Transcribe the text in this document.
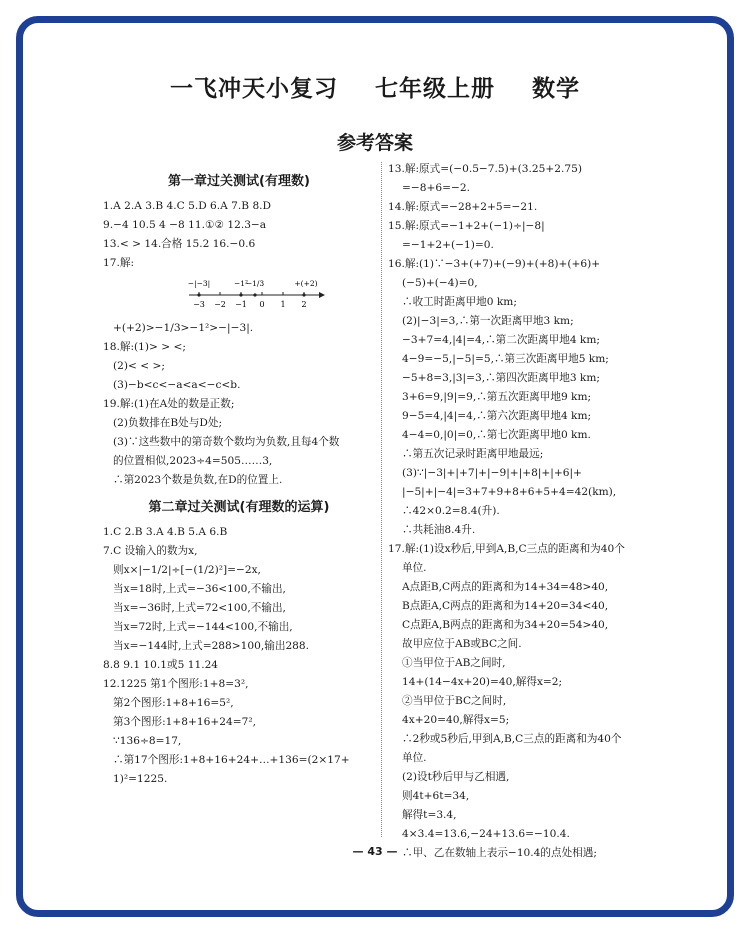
一飞冲天小复习 七年级上册 数学
参考答案
第一章过关测试(有理数)
1.A 2.A 3.B 4.C 5.D 6.A 7.B 8.D
9.−4 10.5 4 −8 11.①② 12.3−a
13.< > 14.合格 15.2 16.−0.6
17.解:
−3 −2 −1 0 1 2
−|−3|	−1²
−1/3	+(+2)
+(+2)>−1/3>−1²>−|−3|.
18.解:(1)> > <;
(2)< < >;
(3)−b<c<−a<a<−c<b.
19.解:(1)在A处的数是正数;
(2)负数排在B处与D处;
(3)∵这些数中的第奇数个数均为负数,且每4个数
的位置相似,2023÷4=505……3,
∴第2023个数是负数,在D的位置上.
第二章过关测试(有理数的运算)
1.C 2.B 3.A 4.B 5.A 6.B
7.C 设输入的数为x,
则x×|−1/2|÷[−(1/2)²]=−2x,
当x=18时,上式=−36<100,不输出,
当x=−36时,上式=72<100,不输出,
当x=72时,上式=−144<100,不输出,
当x=−144时,上式=288>100,输出288.
8.8 9.1 10.1或5 11.24
12.1225 第1个图形:1+8=3²,
第2个图形:1+8+16=5²,
第3个图形:1+8+16+24=7²,
∵136÷8=17,
∴第17个图形:1+8+16+24+…+136=(2×17+
1)²=1225.
13.解:原式=(−0.5−7.5)+(3.25+2.75)
=−8+6=−2.
14.解:原式=−28+2+5=−21.
15.解:原式=−1+2+(−1)÷|−8|
=−1+2+(−1)=0.
16.解:(1)∵−3+(+7)+(−9)+(+8)+(+6)+
(−5)+(−4)=0,
∴收工时距离甲地0 km;
(2)|−3|=3,∴第一次距离甲地3 km;
−3+7=4,|4|=4,∴第二次距离甲地4 km;
4−9=−5,|−5|=5,∴第三次距离甲地5 km;
−5+8=3,|3|=3,∴第四次距离甲地3 km;
3+6=9,|9|=9,∴第五次距离甲地9 km;
9−5=4,|4|=4,∴第六次距离甲地4 km;
4−4=0,|0|=0,∴第七次距离甲地0 km.
∴第五次记录时距离甲地最远;
(3)∵|−3|+|+7|+|−9|+|+8|+|+6|+
|−5|+|−4|=3+7+9+8+6+5+4=42(km),
∴42×0.2=8.4(升).
∴共耗油8.4升.
17.解:(1)设x秒后,甲到A,B,C三点的距离和为40个
单位.
A点距B,C两点的距离和为14+34=48>40,
B点距A,C两点的距离和为14+20=34<40,
C点距A,B两点的距离和为34+20=54>40,
故甲应位于AB或BC之间.
①当甲位于AB之间时,
14+(14−4x+20)=40,解得x=2;
②当甲位于BC之间时,
4x+20=40,解得x=5;
∴2秒或5秒后,甲到A,B,C三点的距离和为40个
单位.
(2)设t秒后甲与乙相遇,
则4t+6t=34,
解得t=3.4,
4×3.4=13.6,−24+13.6=−10.4.
∴甲、乙在数轴上表示−10.4的点处相遇;
— 43 —
